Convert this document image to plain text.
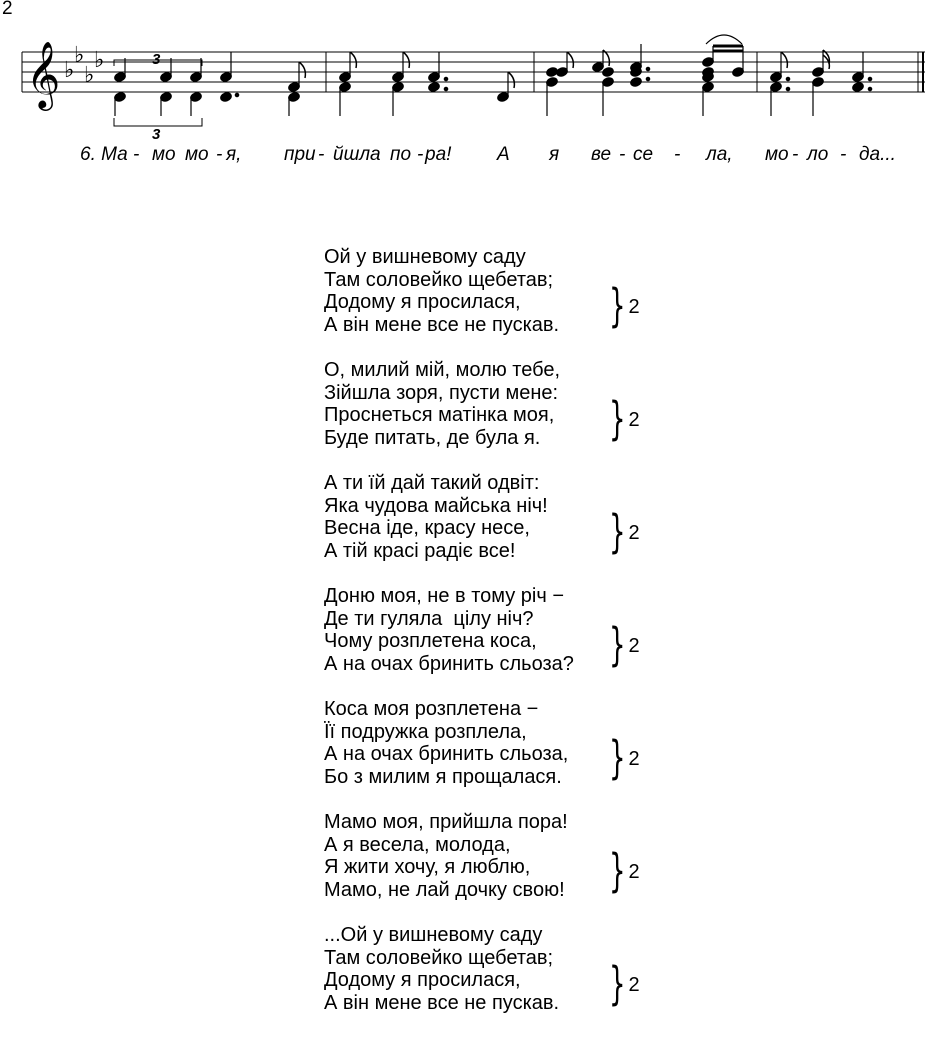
2
𝄞 ♭
♭
♭
♭	3
3
6. Ма - мо мо - я, при - йшла по - ра! А я ве - се - ла, мо - ло - да...
Ой у вишневому саду
Там соловейко щебетав;
Додому я просилася,
А він мене все не пускав.	} 2
О, милий мій, молю тебе,
Зійшла зоря, пусти мене:
Проснеться матінка моя,
Буде питать, де була я.	} 2
А ти їй дай такий одвіт:
Яка чудова майська ніч!
Весна іде, красу несе,
А тій красі радіє все!	} 2
Доню моя, не в тому річ −
Де ти гуляла  цілу ніч?
Чому розплетена коса,
А на очах бринить сльоза?	} 2
Коса моя розплетена −
Її подружка розплела,
А на очах бринить сльоза,
Бо з милим я прощалася.	} 2
Мамо моя, прийшла пора!
А я весела, молода,
Я жити хочу, я люблю,
Мамо, не лай дочку свою!	} 2
...Ой у вишневому саду
Там соловейко щебетав;
Додому я просилася,
А він мене все не пускав.	} 2
